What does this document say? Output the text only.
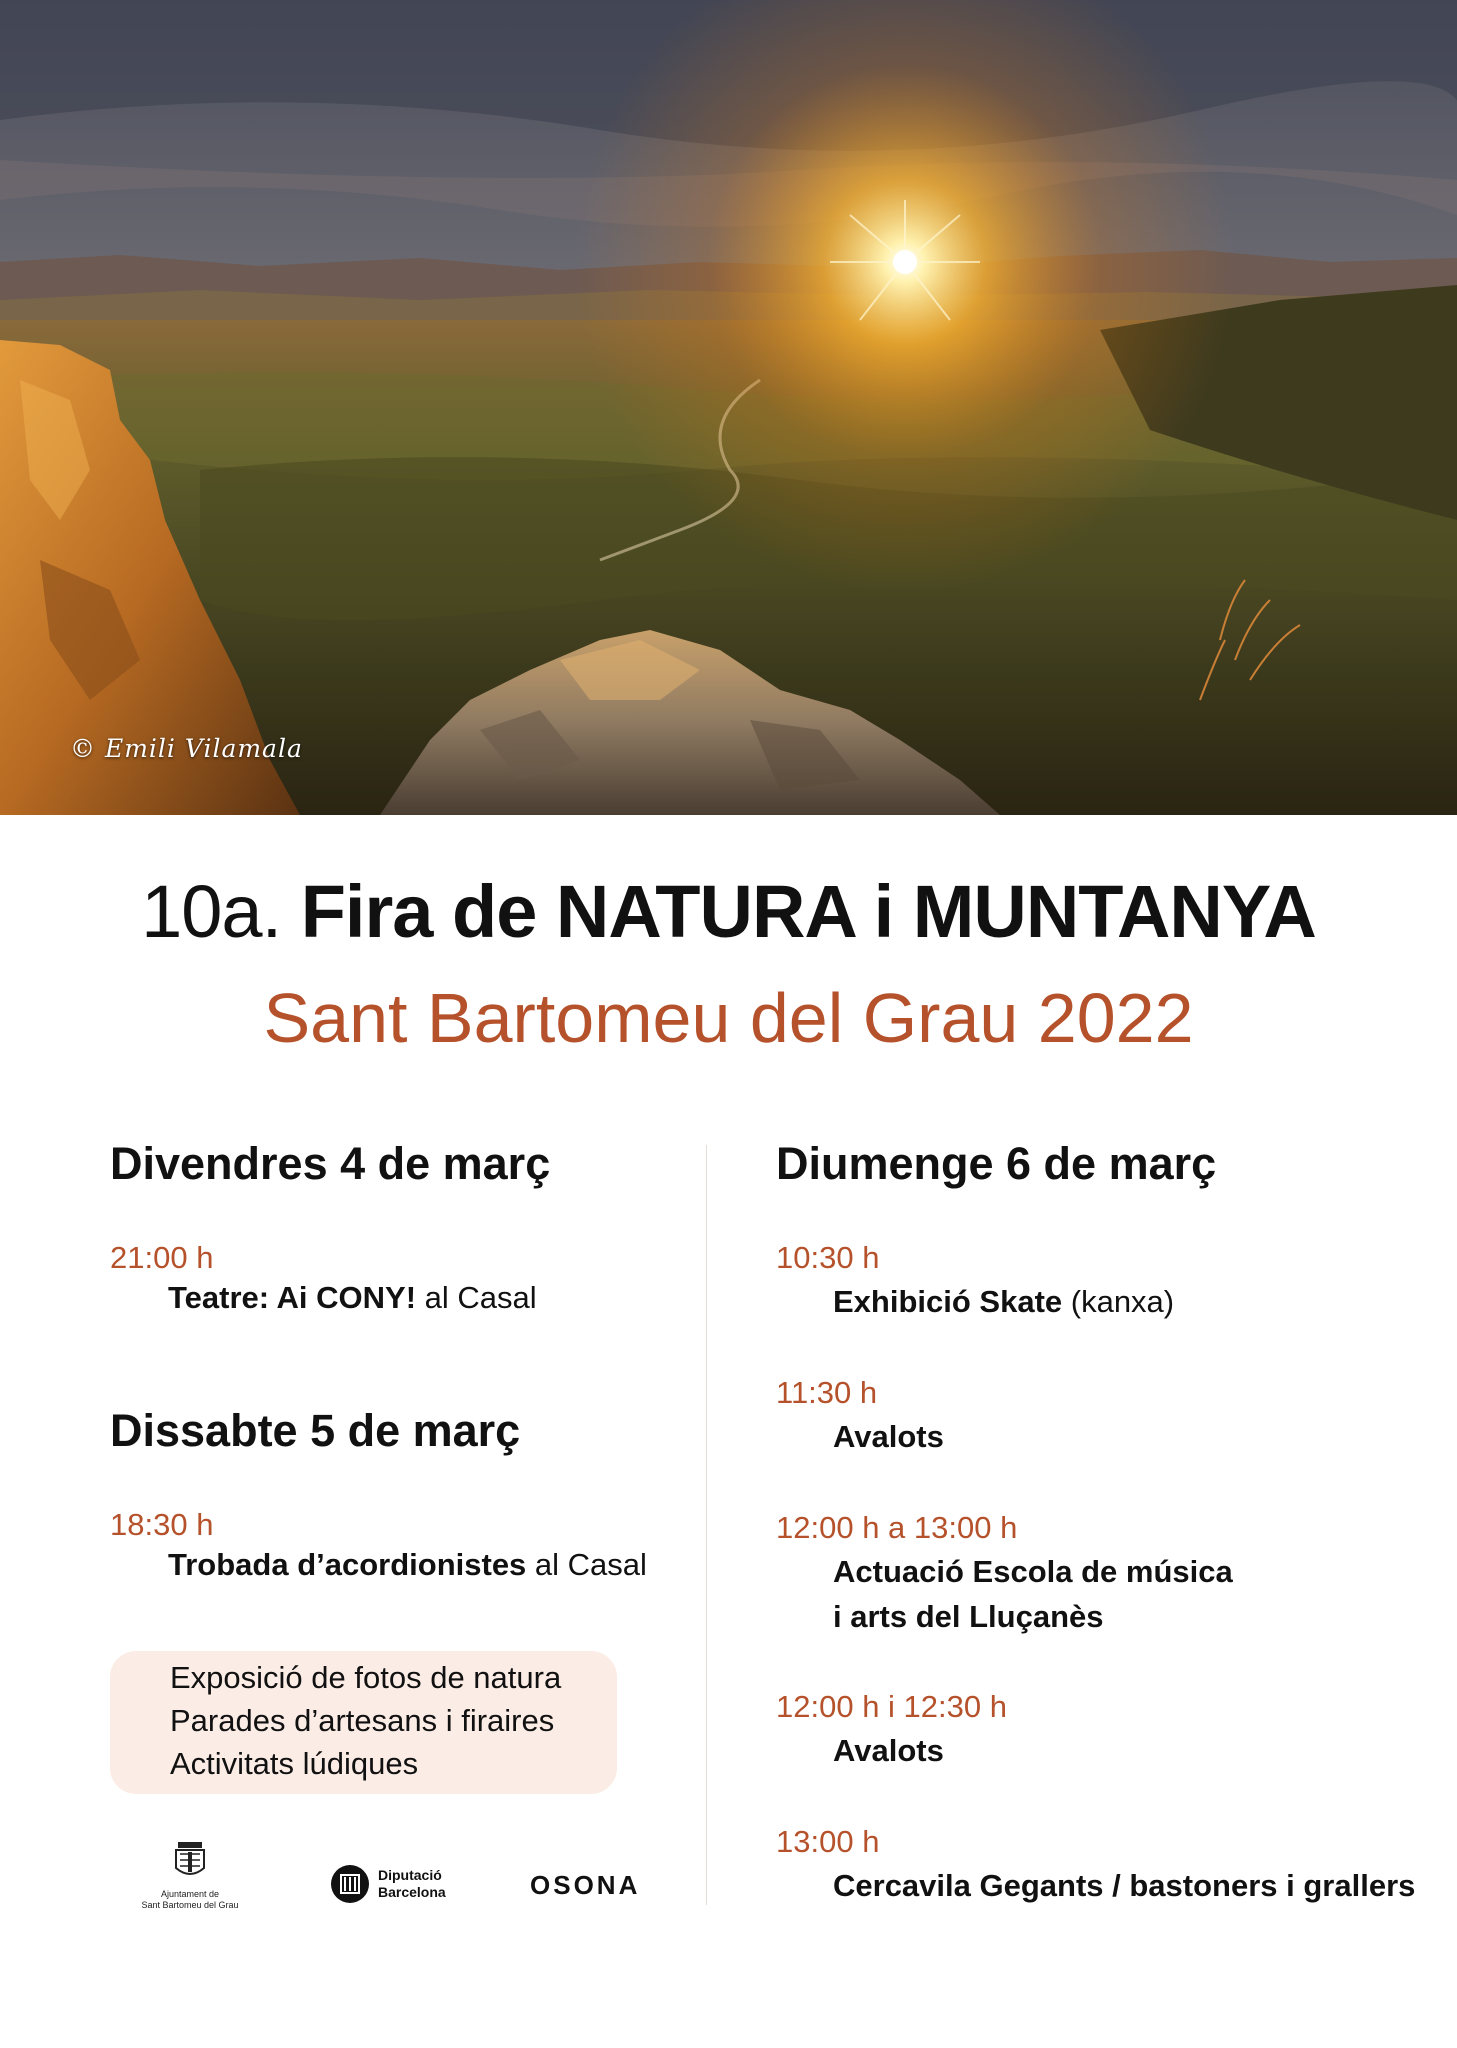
© Emili Vilamala
10a. Fira de NATURA i MUNTANYA
Sant Bartomeu del Grau 2022
Divendres 4 de març
21:00 h
Teatre: Ai CONY! al Casal
Dissabte 5 de març
18:30 h
Trobada d’acordionistes al Casal
Exposició de fotos de natura
Parades d’artesans i firaires
Activitats lúdiques
Diumenge 6 de març
10:30 h
Exhibició Skate (kanxa)
11:30 h
Avalots
12:00 h a 13:00 h
Actuació Escola de música
i arts del Lluçanès
12:00 h i 12:30 h
Avalots
13:00 h
Cercavila Gegants / bastoners i grallers
Ajuntament de
Sant Bartomeu del Grau
Diputació
Barcelona	OSONA
